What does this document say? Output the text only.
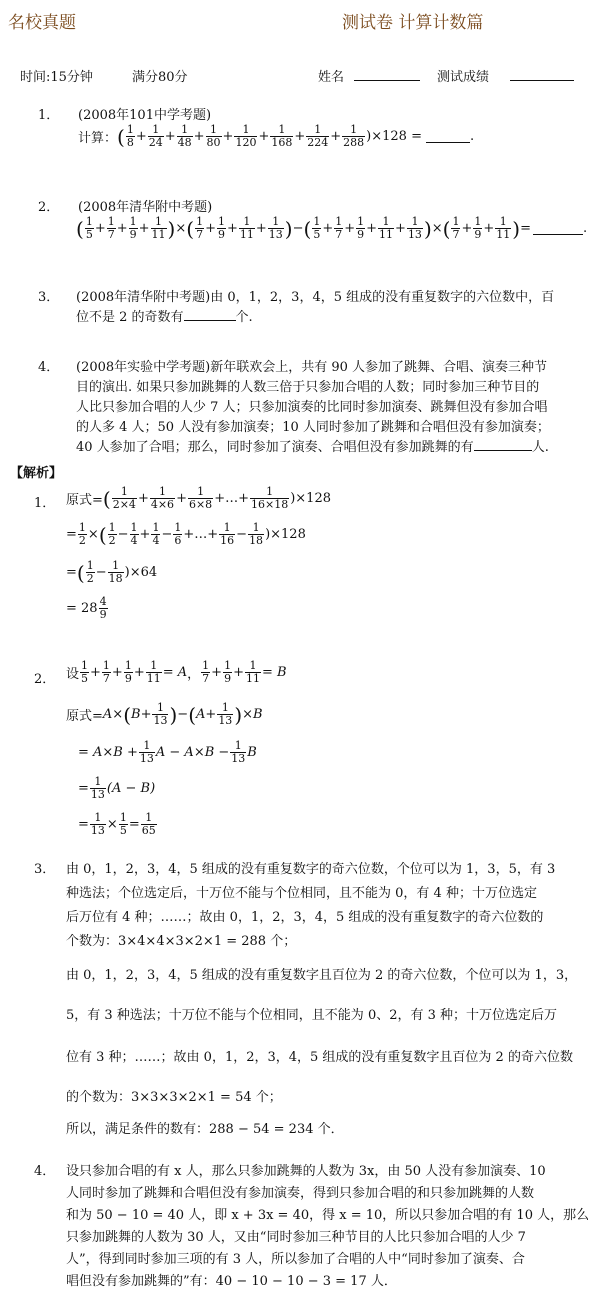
名校真题	测试卷 计算计数篇
时间:15分钟	满分80分	姓名	测试成绩
1． (2008年101中学考题)
计算： ( $\frac{1}{8} + \frac{1}{24} + \frac{1}{48} + \frac{1}{80} + \frac{1}{120} + \frac{1}{168} + \frac{1}{224} + \frac{1}{288} )\times 128$ =	.
2． (2008年清华附中考题)
( $\frac{1}{5} + \frac{1}{7} + \frac{1}{9} + \frac{1}{11}$ ) × ( $\frac{1}{7} + \frac{1}{9} + \frac{1}{11} + \frac{1}{13}$ ) − ( $\frac{1}{5} + \frac{1}{7} + \frac{1}{9} + \frac{1}{11} + \frac{1}{13}$ ) × ( $\frac{1}{7} + \frac{1}{9} + \frac{1}{11}$ ) =	.
3． (2008年清华附中考题)由 0，1，2，3，4，5 组成的没有重复数字的六位数中，百
位不是 2 的奇数有	个.
4． (2008年实验中学考题)新年联欢会上，共有 90 人参加了跳舞、合唱、演奏三种节
目的演出. 如果只参加跳舞的人数三倍于只参加合唱的人数；同时参加三种节目的
人比只参加合唱的人少 7 人；只参加演奏的比同时参加演奏、跳舞但没有参加合唱
的人多 4 人；50 人没有参加演奏；10 人同时参加了跳舞和合唱但没有参加演奏；
40 人参加了合唱；那么，同时参加了演奏、合唱但没有参加跳舞的有	人.
【解析】
1． 原式= ( $\frac{1}{2\times 4} + \frac{1}{4\times 6} + \frac{1}{6\times 8}$ + … + $\frac{1}{16\times 18} )\times 128$
= $\frac{1}{2}$ × ( $\frac{1}{2} - \frac{1}{4} + \frac{1}{4} - \frac{1}{6}$ + … + $\frac{1}{16} - \frac{1}{18} )\times 128$
= ( $\frac{1}{2} - \frac{1}{18} )\times 64$
= $28 \frac{4}{9}$
2． 设 $\frac{1}{5} + \frac{1}{7} + \frac{1}{9} + \frac{1}{11} = A$ ， $\frac{1}{7} + \frac{1}{9} + \frac{1}{11} = B$
原式= A × ( $B + \frac{1}{13}$ ) − ( $A + \frac{1}{13}$ ) × B
= $A\times B + \frac{1}{13}$ $A - A\times B - \frac{1}{13}$ B
= $\frac{1}{13} (A - B)$
= $\frac{1}{13} \times \frac{1}{5} = \frac{1}{65}$
3． 由 0，1，2，3，4，5 组成的没有重复数字的奇六位数，个位可以为 1，3，5，有 3
种选法；个位选定后，十万位不能与个位相同，且不能为 0，有 4 种；十万位选定
后万位有 4 种；……；故由 0，1，2，3，4，5 组成的没有重复数字的奇六位数的
个数为：3×4×4×3×2×1 = 288 个；
由 0，1，2，3，4，5 组成的没有重复数字且百位为 2 的奇六位数，个位可以为 1，3，
5，有 3 种选法；十万位不能与个位相同，且不能为 0、2，有 3 种；十万位选定后万
位有 3 种；……；故由 0，1，2，3，4，5 组成的没有重复数字且百位为 2 的奇六位数
的个数为：3×3×3×2×1 = 54 个；
所以，满足条件的数有：288 − 54 = 234 个．
4． 设只参加合唱的有 x 人，那么只参加跳舞的人数为 3x，由 50 人没有参加演奏、10
人同时参加了跳舞和合唱但没有参加演奏，得到只参加合唱的和只参加跳舞的人数
和为 50 − 10 = 40 人，即 x + 3x = 40，得 x = 10，所以只参加合唱的有 10 人，那么
只参加跳舞的人数为 30 人，又由“同时参加三种节目的人比只参加合唱的人少 7
人”，得到同时参加三项的有 3 人，所以参加了合唱的人中“同时参加了演奏、合
唱但没有参加跳舞的”有：40 − 10 − 10 − 3 = 17 人．
